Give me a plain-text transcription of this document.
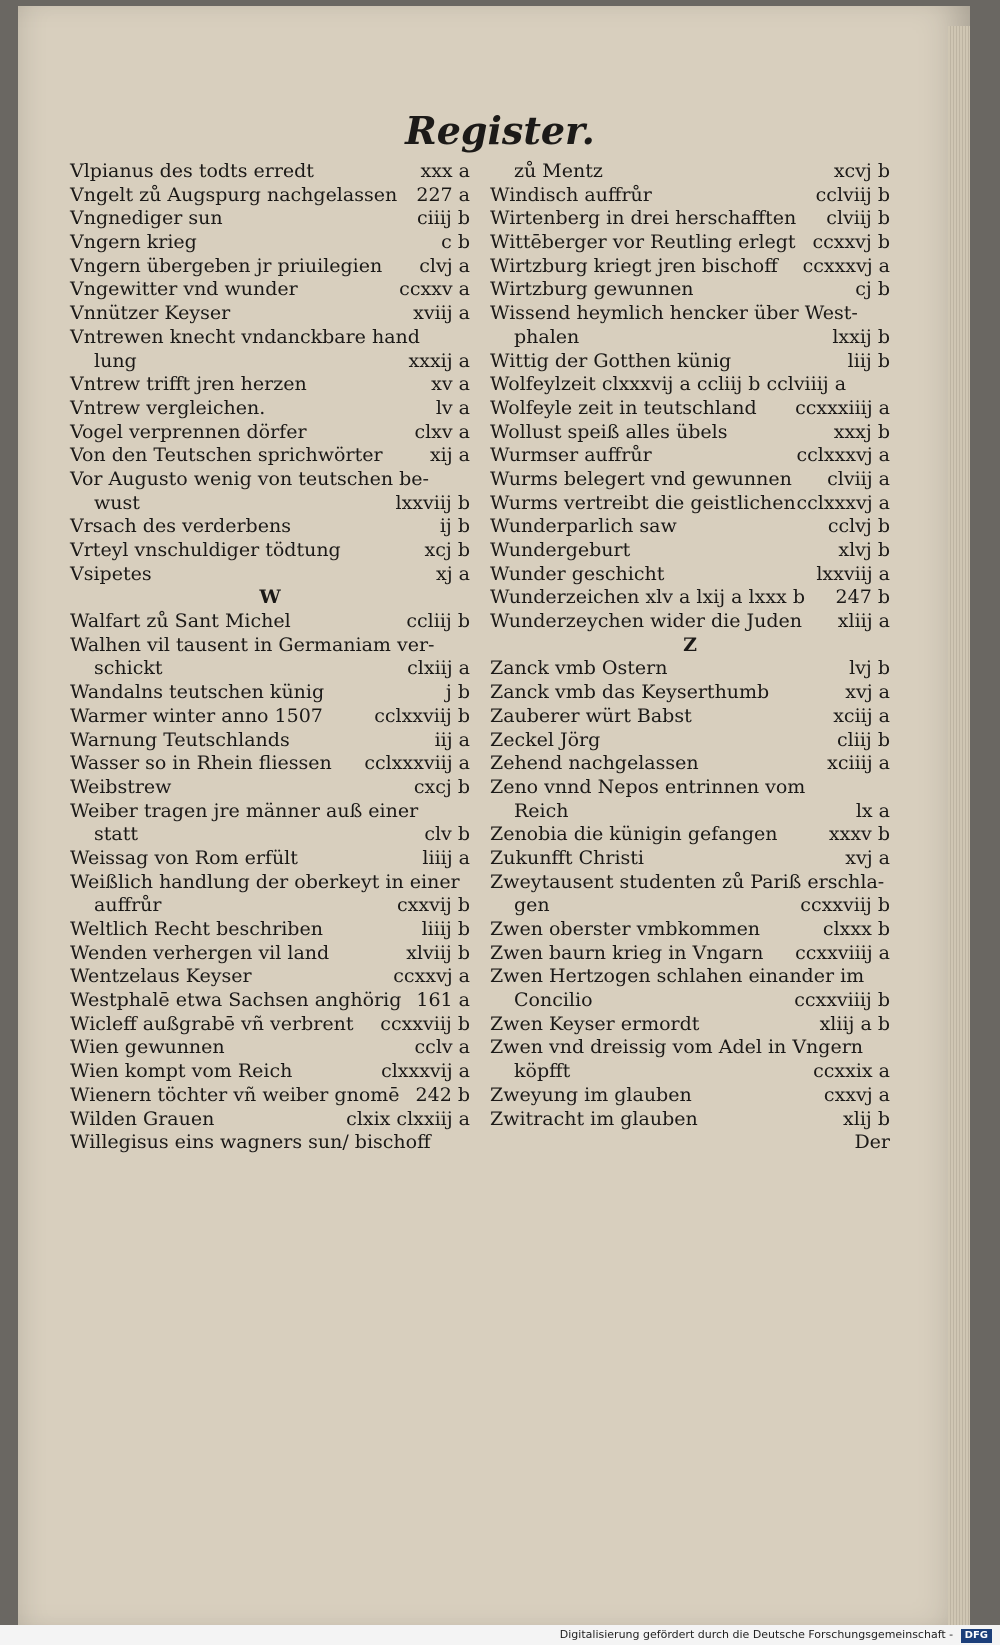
Register.
Vlpianus des todts erredt	xxx a
Vngelt zů Augspurg nachgelassen 227 a
Vngnediger sun	ciiij b
Vngern krieg	c b
Vngern übergeben jr priuilegien clvj a
Vngewitter vnd wunder	ccxxv a
Vnnützer Keyser	xviij a
Vntrewen knecht vndanckbare hand
lung	xxxij a
Vntrew trifft jren herzen	xv a
Vntrew vergleichen.	lv a
Vogel verprennen dörfer	clxv a
Von den Teutschen sprichwörter xij a
Vor Augusto wenig von teutschen be-
wust	lxxviij b
Vrsach des verderbens	ij b
Vrteyl vnschuldiger tödtung	xcj b
Vsipetes	xj a
W
Walfart zů Sant Michel	ccliij b
Walhen vil tausent in Germaniam ver-
schickt	clxiij a
Wandalns teutschen künig	j b
Warmer winter anno 1507	cclxxviij b
Warnung Teutschlands	iij a
Wasser so in Rhein fliessen cclxxxviij a
Weibstrew	cxcj b
Weiber tragen jre männer auß einer
statt	clv b
Weissag von Rom erfült	liiij a
Weißlich handlung der oberkeyt in einer
auffrůr	cxxvij b
Weltlich Recht beschriben	liiij b
Wenden verhergen vil land	xlviij b
Wentzelaus Keyser	ccxxvj a
Westphalē etwa Sachsen anghörig 161 a
Wicleff außgrabē vñ verbrent ccxxviij b
Wien gewunnen	cclv a
Wien kompt vom Reich	clxxxvij a
Wienern töchter vñ weiber gnomē 242 b
Wilden Grauen	clxix clxxiij a
Willegisus eins wagners sun/ bischoff
zů Mentz	xcvj b
Windisch auffrůr	cclviij b
Wirtenberg in drei herschafften clviij b
Wittēberger vor Reutling erlegt ccxxvj b
Wirtzburg kriegt jren bischoff ccxxxvj a
Wirtzburg gewunnen	cj b
Wissend heymlich hencker über West-
phalen	lxxij b
Wittig der Gotthen künig	liij b
Wolfeylzeit clxxxvij a ccliij b cclviiij a
Wolfeyle zeit in teutschland ccxxxiiij a
Wollust speiß alles übels	xxxj b
Wurmser auffrůr	cclxxxvj a
Wurms belegert vnd gewunnen clviij a
Wurms vertreibt die geistlichen cclxxxvj a
Wunderparlich saw	cclvj b
Wundergeburt	xlvj b
Wunder geschicht	lxxviij a
Wunderzeichen xlv a lxij a lxxx b 247 b
Wunderzeychen wider die Juden xliij a
Z
Zanck vmb Ostern	lvj b
Zanck vmb das Keyserthumb	xvj a
Zauberer würt Babst	xciij a
Zeckel Jörg	cliij b
Zehend nachgelassen	xciiij a
Zeno vnnd Nepos entrinnen vom
Reich	lx a
Zenobia die künigin gefangen	xxxv b
Zukunfft Christi	xvj a
Zweytausent studenten zů Pariß erschla-
gen	ccxxviij b
Zwen oberster vmbkommen	clxxx b
Zwen baurn krieg in Vngarn ccxxviiij a
Zwen Hertzogen schlahen einander im
Concilio	ccxxviiij b
Zwen Keyser ermordt	xliij a b
Zwen vnd dreissig vom Adel in Vngern
köpfft	ccxxix a
Zweyung im glauben	cxxvj a
Zwitracht im glauben	xlij b
Der
Digitalisierung gefördert durch die Deutsche Forschungsgemeinschaft - DFG
